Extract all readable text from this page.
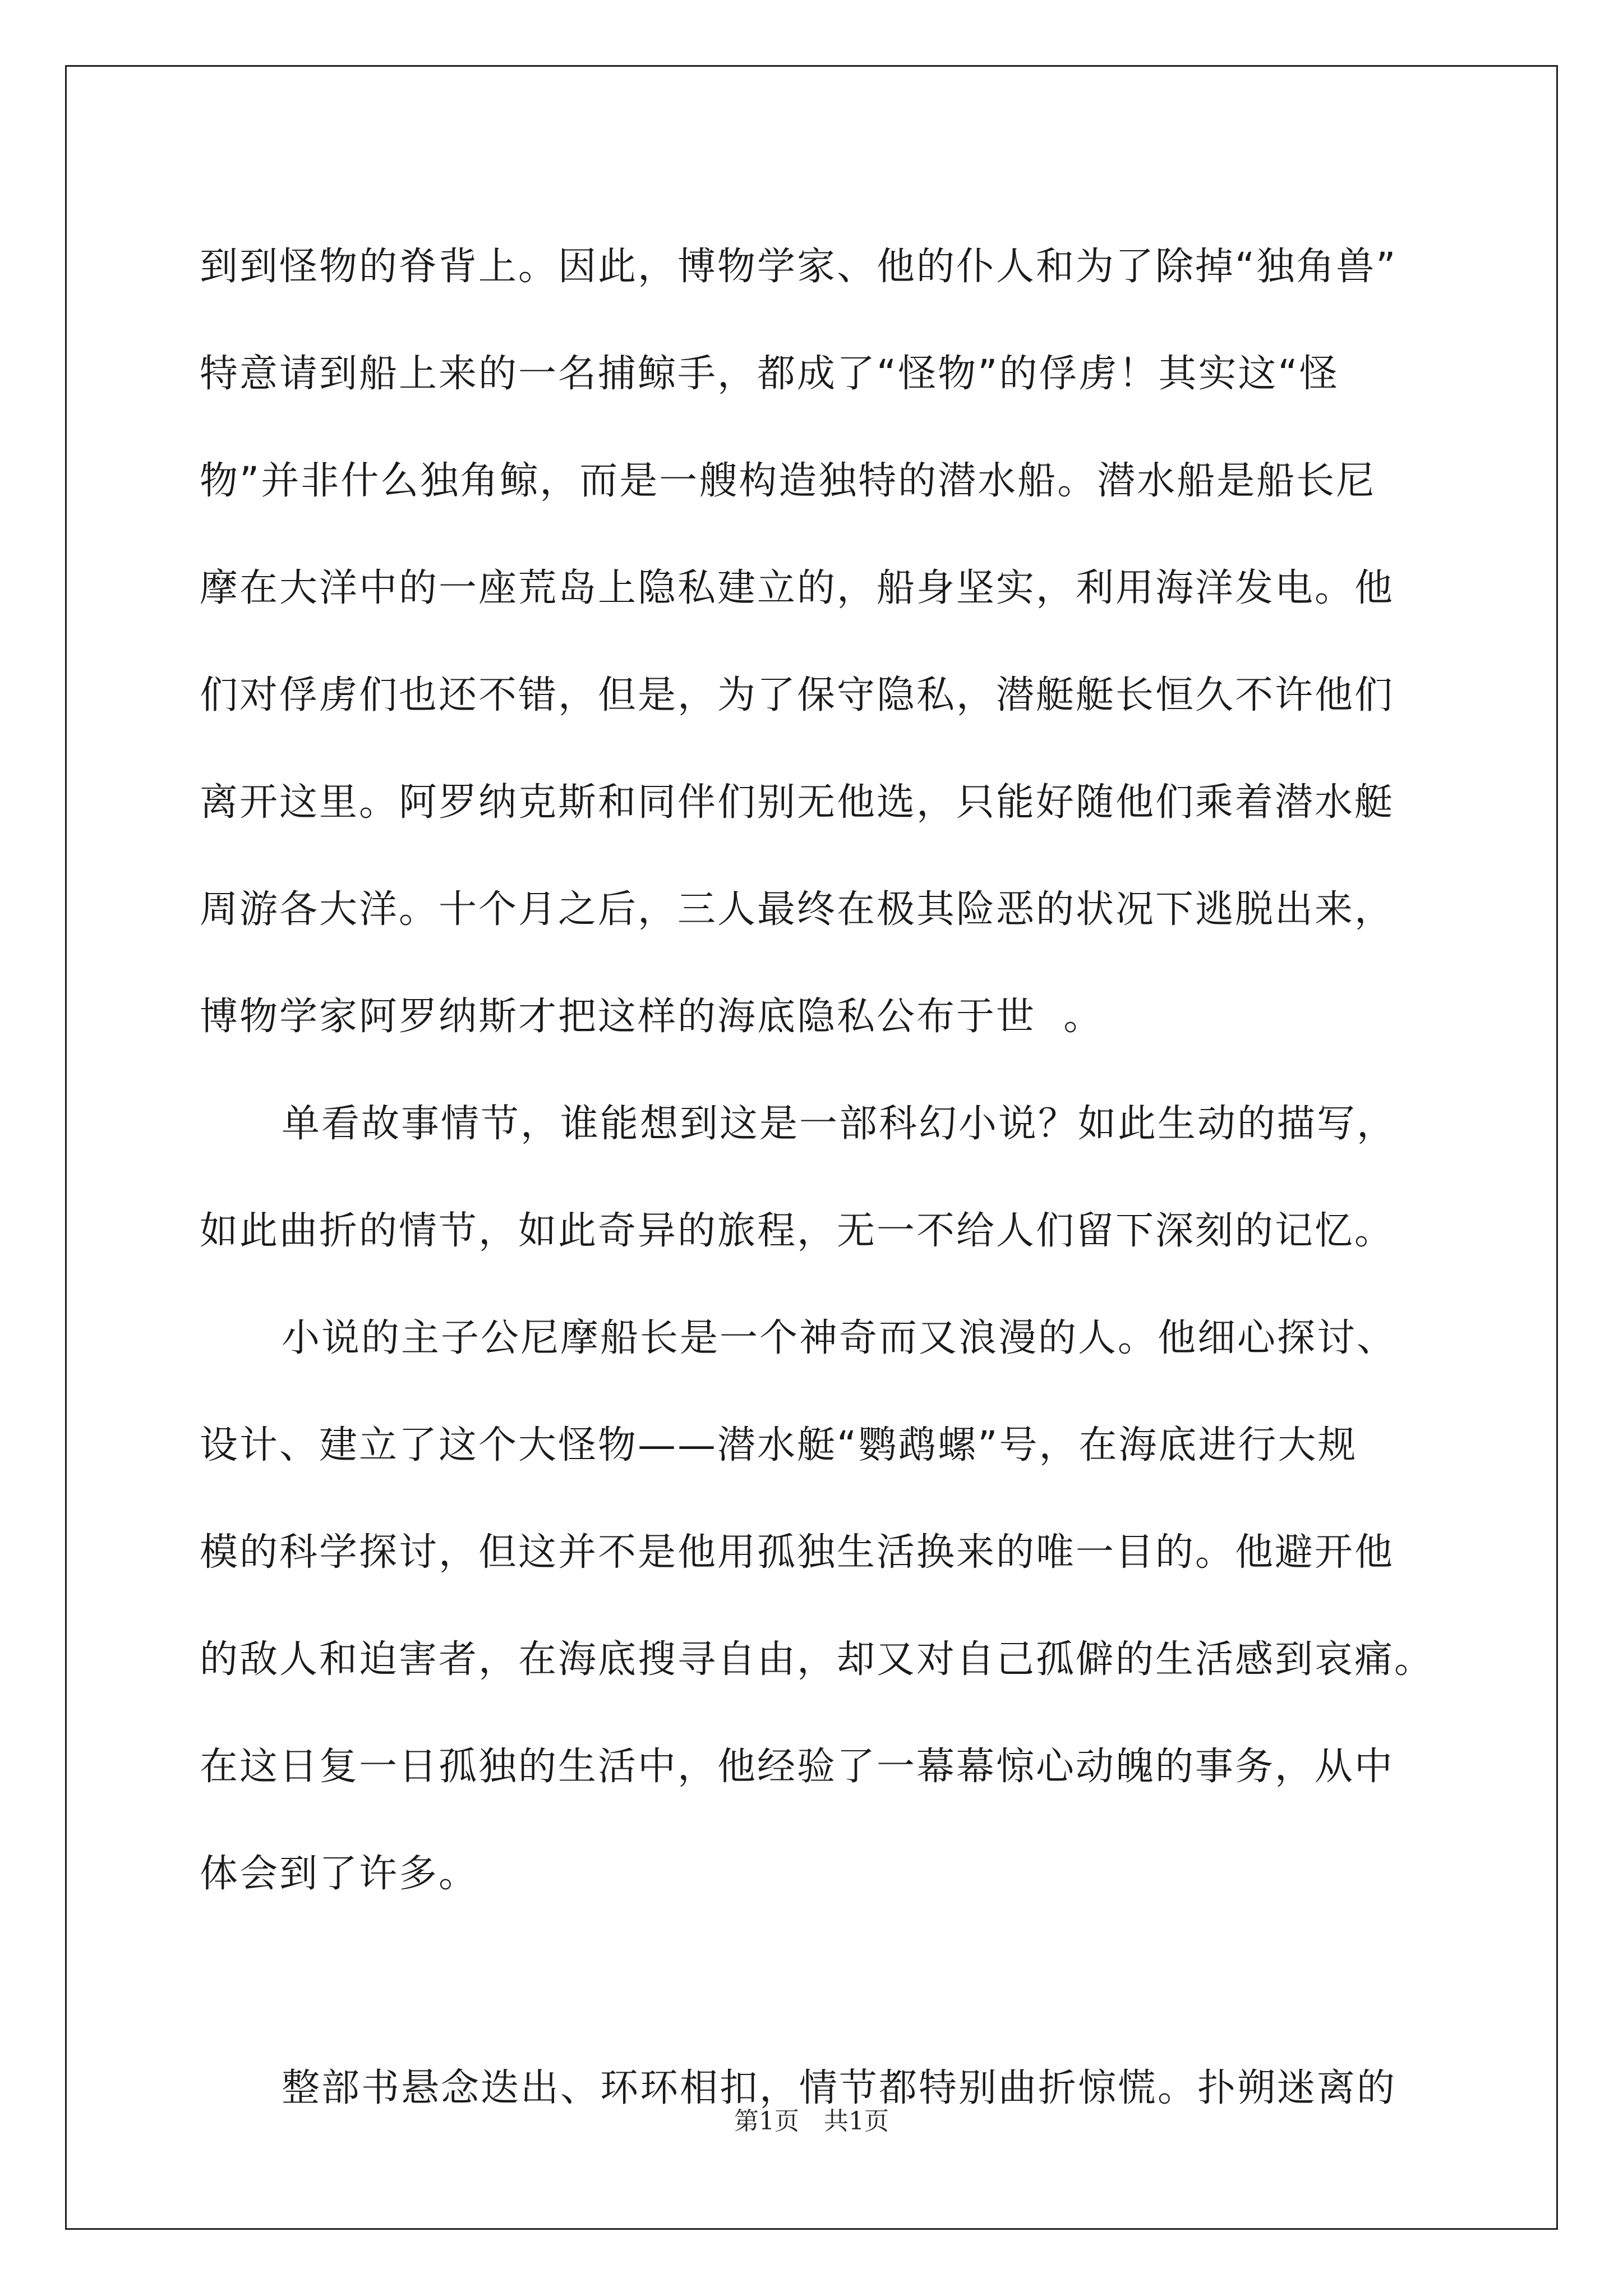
到到怪物的脊背上。因此，博物学家、他的仆人和为了除掉“独角兽”
特意请到船上来的一名捕鲸手，都成了“怪物”的俘虏！其实这“怪
物”并非什么独角鲸，而是一艘构造独特的潜水船。潜水船是船长尼
摩在大洋中的一座荒岛上隐私建立的，船身坚实，利用海洋发电。他
们对俘虏们也还不错，但是，为了保守隐私，潜艇艇长恒久不许他们
离开这里。阿罗纳克斯和同伴们别无他选，只能好随他们乘着潜水艇
周游各大洋。十个月之后，三人最终在极其险恶的状况下逃脱出来，
博物学家阿罗纳斯才把这样的海底隐私公布于世  。
单看故事情节，谁能想到这是一部科幻小说？如此生动的描写，
如此曲折的情节，如此奇异的旅程，无一不给人们留下深刻的记忆。
小说的主子公尼摩船长是一个神奇而又浪漫的人。他细心探讨、
设计、建立了这个大怪物——潜水艇“鹦鹉螺”号，在海底进行大规
模的科学探讨，但这并不是他用孤独生活换来的唯一目的。他避开他
的敌人和迫害者，在海底搜寻自由，却又对自己孤僻的生活感到哀痛。
在这日复一日孤独的生活中，他经验了一幕幕惊心动魄的事务，从中
体会到了许多。
整部书悬念迭出、环环相扣，情节都特别曲折惊慌。扑朔迷离的
第1页　共1页
